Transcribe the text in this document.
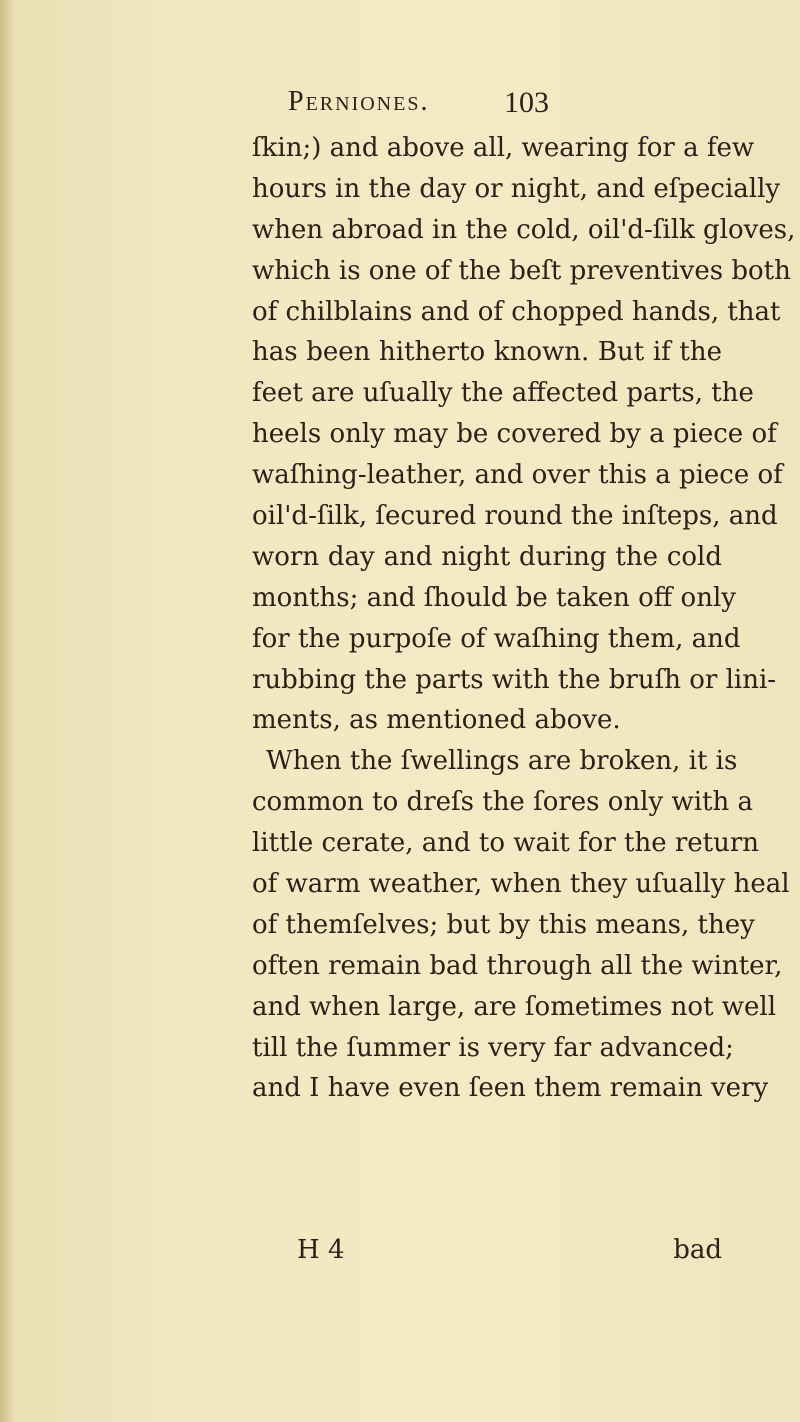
Perniones. 103
ſkin;) and above all, wearing for a few
hours in the day or night, and eſpecially
when abroad in the cold, oil'd-ſilk gloves,
which is one of the beſt preventives both
of chilblains and of chopped hands, that
has been hitherto known. But if the
feet are uſually the affected parts, the
heels only may be covered by a piece of
waſhing-leather, and over this a piece of
oil'd-ſilk, ſecured round the inſteps, and
worn day and night during the cold
months; and ſhould be taken off only
for the purpoſe of waſhing them, and
rubbing the parts with the bruſh or lini-
ments, as mentioned above.
When the ſwellings are broken, it is
common to dreſs the ſores only with a
little cerate, and to wait for the return
of warm weather, when they uſually heal
of themſelves; but by this means, they
often remain bad through all the winter,
and when large, are ſometimes not well
till the ſummer is very far advanced;
and I have even ſeen them remain very
H 4	bad
